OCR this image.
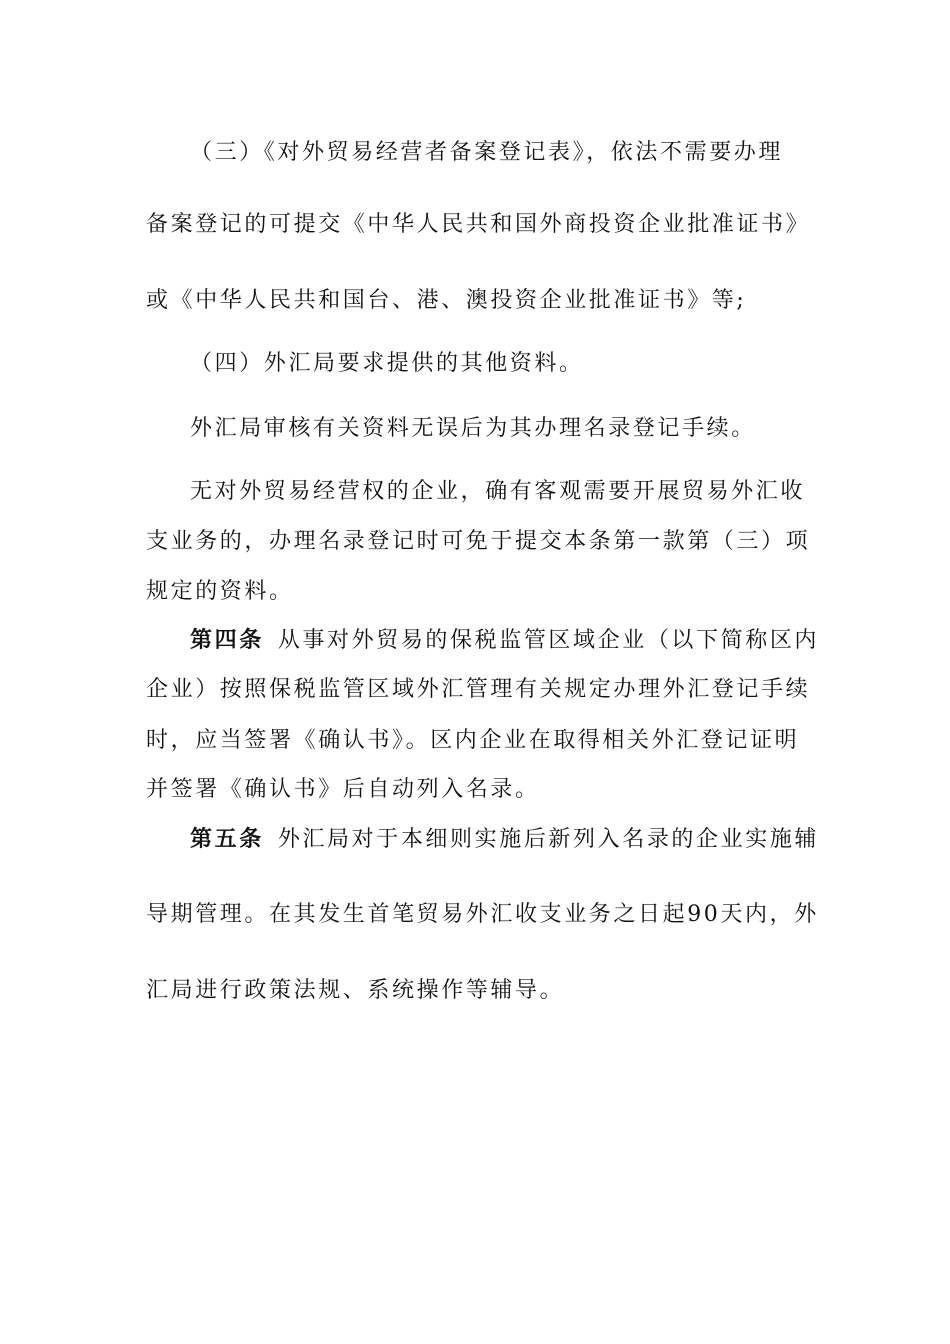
（三）《对外贸易经营者备案登记表》，依法不需要办理
备案登记的可提交《中华人民共和国外商投资企业批准证书》
或《中华人民共和国台、港、澳投资企业批准证书》等;
（四）外汇局要求提供的其他资料。
外汇局审核有关资料无误后为其办理名录登记手续。
无对外贸易经营权的企业，确有客观需要开展贸易外汇收
支业务的，办理名录登记时可免于提交本条第一款第（三）项
规定的资料。
第四条 从事对外贸易的保税监管区域企业（以下简称区内
企业）按照保税监管区域外汇管理有关规定办理外汇登记手续
时，应当签署《确认书》。区内企业在取得相关外汇登记证明
并签署《确认书》后自动列入名录。
第五条 外汇局对于本细则实施后新列入名录的企业实施辅
导期管理。在其发生首笔贸易外汇收支业务之日起90天内，外
汇局进行政策法规、系统操作等辅导。
